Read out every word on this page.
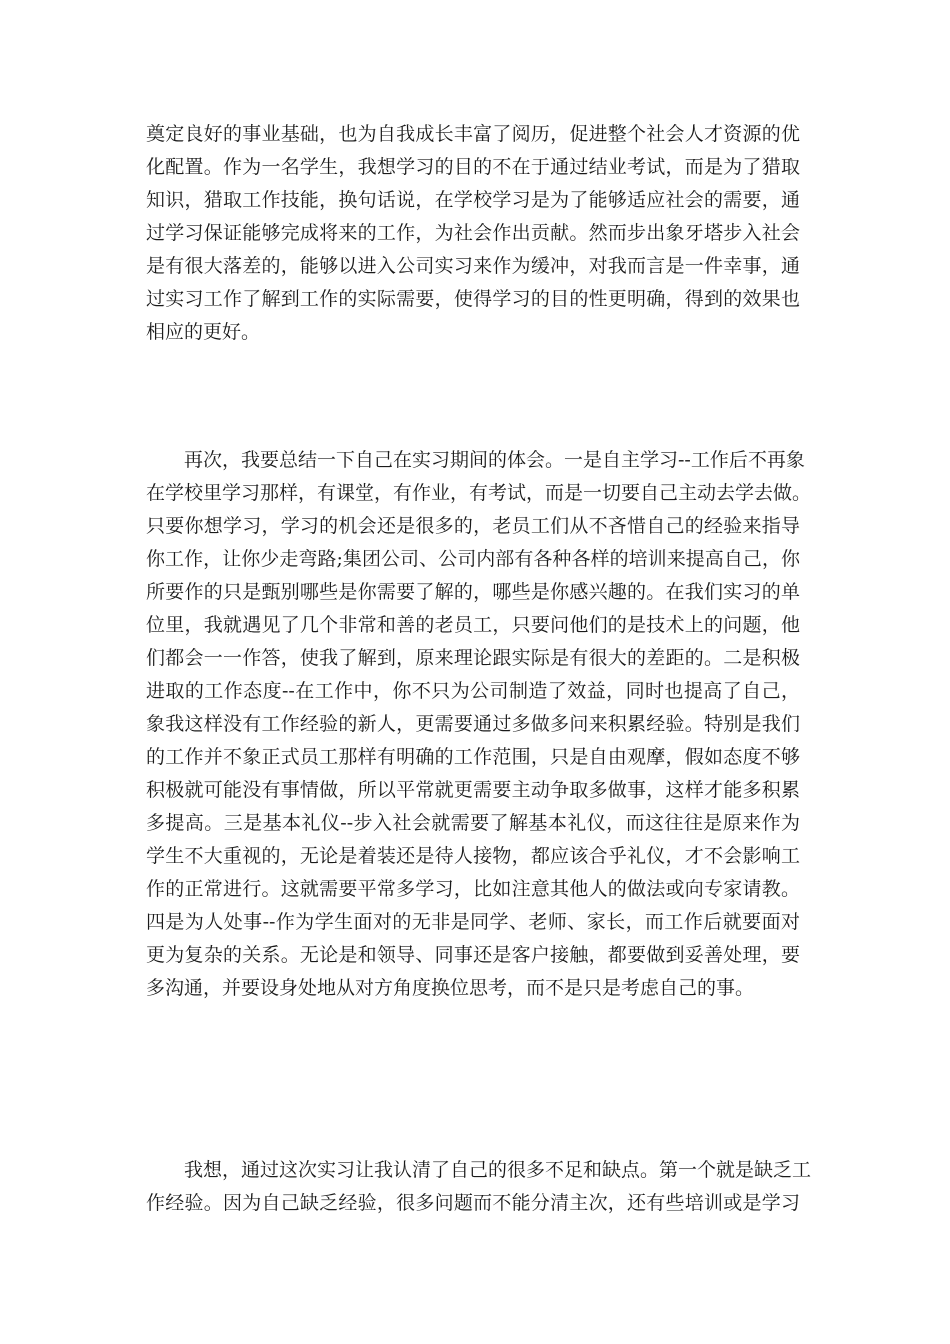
奠定良好的事业基础，也为自我成长丰富了阅历，促进整个社会人才资源的优
化配置。作为一名学生，我想学习的目的不在于通过结业考试，而是为了猎取
知识，猎取工作技能，换句话说，在学校学习是为了能够适应社会的需要，通
过学习保证能够完成将来的工作，为社会作出贡献。然而步出象牙塔步入社会
是有很大落差的，能够以进入公司实习来作为缓冲，对我而言是一件幸事，通
过实习工作了解到工作的实际需要，使得学习的目的性更明确，得到的效果也
相应的更好。
　　再次，我要总结一下自己在实习期间的体会。一是自主学习--工作后不再象
在学校里学习那样，有课堂，有作业，有考试，而是一切要自己主动去学去做。
只要你想学习，学习的机会还是很多的，老员工们从不吝惜自己的经验来指导
你工作，让你少走弯路;集团公司、公司内部有各种各样的培训来提高自己，你
所要作的只是甄别哪些是你需要了解的，哪些是你感兴趣的。在我们实习的单
位里，我就遇见了几个非常和善的老员工，只要问他们的是技术上的问题，他
们都会一一作答，使我了解到，原来理论跟实际是有很大的差距的。二是积极
进取的工作态度--在工作中，你不只为公司制造了效益，同时也提高了自己，
象我这样没有工作经验的新人，更需要通过多做多问来积累经验。特别是我们
的工作并不象正式员工那样有明确的工作范围，只是自由观摩，假如态度不够
积极就可能没有事情做，所以平常就更需要主动争取多做事，这样才能多积累
多提高。三是基本礼仪--步入社会就需要了解基本礼仪，而这往往是原来作为
学生不大重视的，无论是着装还是待人接物，都应该合乎礼仪，才不会影响工
作的正常进行。这就需要平常多学习，比如注意其他人的做法或向专家请教。
四是为人处事--作为学生面对的无非是同学、老师、家长，而工作后就要面对
更为复杂的关系。无论是和领导、同事还是客户接触，都要做到妥善处理，要
多沟通，并要设身处地从对方角度换位思考，而不是只是考虑自己的事。
　　我想，通过这次实习让我认清了自己的很多不足和缺点。第一个就是缺乏工
作经验。因为自己缺乏经验，很多问题而不能分清主次，还有些培训或是学习
